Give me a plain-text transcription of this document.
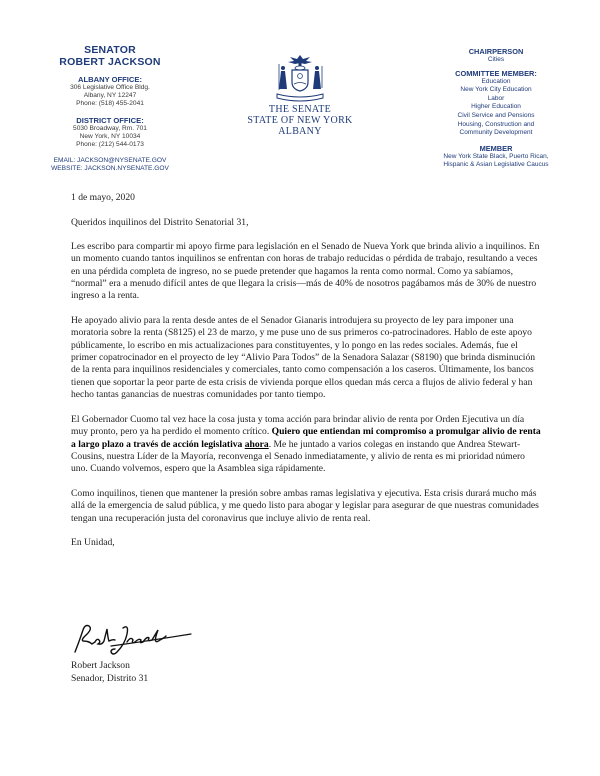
SENATOR
ROBERT JACKSON
ALBANY OFFICE:
306 Legislative Office Bldg.
Albany, NY 12247
Phone: (518) 455-2041
DISTRICT OFFICE:
5030 Broadway, Rm. 701
New York, NY 10034
Phone: (212) 544-0173
EMAIL: JACKSON@NYSENATE.GOV
WEBSITE: JACKSON.NYSENATE.GOV
THE SENATE
STATE OF NEW YORK
ALBANY
CHAIRPERSON
Cities
COMMITTEE MEMBER:
Education
New York City Education
Labor
Higher Education
Civil Service and Pensions
Housing, Construction and
Community Development
MEMBER
New York State Black, Puerto Rican,
Hispanic & Asian Legislative Caucus

1 de mayo, 2020

Queridos inquilinos del Distrito Senatorial 31,

Les escribo para compartir mi apoyo firme para legislación en el Senado de Nueva York que brinda alivio a inquilinos. En un momento cuando tantos inquilinos se enfrentan con horas de trabajo reducidas o pérdida de trabajo, resultando a veces en una pérdida completa de ingreso, no se puede pretender que hagamos la renta como normal. Como ya sabíamos, “normal” era a menudo difícil antes de que llegara la crisis—más de 40% de nosotros pagábamos más de 30% de nuestro ingreso a la renta.

He apoyado alivio para la renta desde antes de el Senador Gianaris introdujera su proyecto de ley para imponer una moratoria sobre la renta (S8125) el 23 de marzo, y me puse uno de sus primeros co-patrocinadores. Hablo de este apoyo públicamente, lo escribo en mis actualizaciones para constituyentes, y lo pongo en las redes sociales. Además, fue el primer copatrocinador en el proyecto de ley “Alivio Para Todos” de la Senadora Salazar (S8190) que brinda disminución de la renta para inquilinos residenciales y comerciales, tanto como compensación a los caseros. Últimamente, los bancos tienen que soportar la peor parte de esta crisis de vivienda porque ellos quedan más cerca a flujos de alivio federal y han hecho tantas ganancias de nuestras comunidades por tanto tiempo.

El Gobernador Cuomo tal vez hace la cosa justa y toma acción para brindar alivio de renta por Orden Ejecutiva un día muy pronto, pero ya ha perdido el momento crítico. Quiero que entiendan mi compromiso a promulgar alivio de renta a largo plazo a través de acción legislativa ahora. Me he juntado a varios colegas en instando que Andrea Stewart-Cousins, nuestra Líder de la Mayoría, reconvenga el Senado inmediatamente, y alivio de renta es mi prioridad número uno. Cuando volvemos, espero que la Asamblea siga rápidamente.

Como inquilinos, tienen que mantener la presión sobre ambas ramas legislativa y ejecutiva. Esta crisis durará mucho más allá de la emergencia de salud pública, y me quedo listo para abogar y legislar para asegurar de que nuestras comunidades tengan una recuperación justa del coronavirus que incluye alivio de renta real.

En Unidad,

Robert Jackson
Senador, Distrito 31
